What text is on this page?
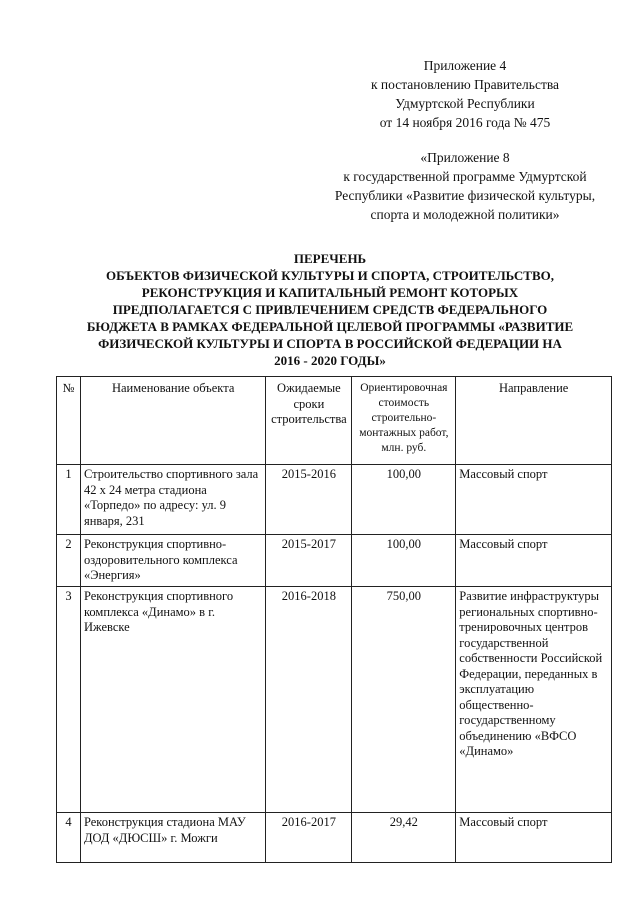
Приложение 4
к постановлению Правительства
Удмуртской Республики
от 14 ноября 2016 года № 475
«Приложение 8
к государственной программе Удмуртской
Республики «Развитие физической культуры,
спорта и молодежной политики»
ПЕРЕЧЕНЬ
ОБЪЕКТОВ ФИЗИЧЕСКОЙ КУЛЬТУРЫ И СПОРТА, СТРОИТЕЛЬСТВО,
РЕКОНСТРУКЦИЯ И КАПИТАЛЬНЫЙ РЕМОНТ КОТОРЫХ
ПРЕДПОЛАГАЕТСЯ С ПРИВЛЕЧЕНИЕМ СРЕДСТВ ФЕДЕРАЛЬНОГО
БЮДЖЕТА В РАМКАХ ФЕДЕРАЛЬНОЙ ЦЕЛЕВОЙ ПРОГРАММЫ «РАЗВИТИЕ
ФИЗИЧЕСКОЙ КУЛЬТУРЫ И СПОРТА В РОССИЙСКОЙ ФЕДЕРАЦИИ НА
2016 - 2020 ГОДЫ»
№	Наименование объекта	Ожидаемые сроки строительства	Ориентировочная стоимость строительно-монтажных работ, млн. руб.	Направление
1	Строительство спортивного зала 42 х 24 метра стадиона «Торпедо» по адресу: ул. 9 января, 231	2015-2016	100,00	Массовый спорт
2	Реконструкция спортивно-оздоровительного комплекса «Энергия»	2015-2017	100,00	Массовый спорт
3	Реконструкция спортивного комплекса «Динамо» в г. Ижевске	2016-2018	750,00	Развитие инфраструктуры региональных спортивно-тренировочных центров государственной собственности Российской Федерации, переданных в эксплуатацию общественно-государственному объединению «ВФСО «Динамо»
4	Реконструкция стадиона МАУ ДОД «ДЮСШ» г. Можги	2016-2017	29,42	Массовый спорт
